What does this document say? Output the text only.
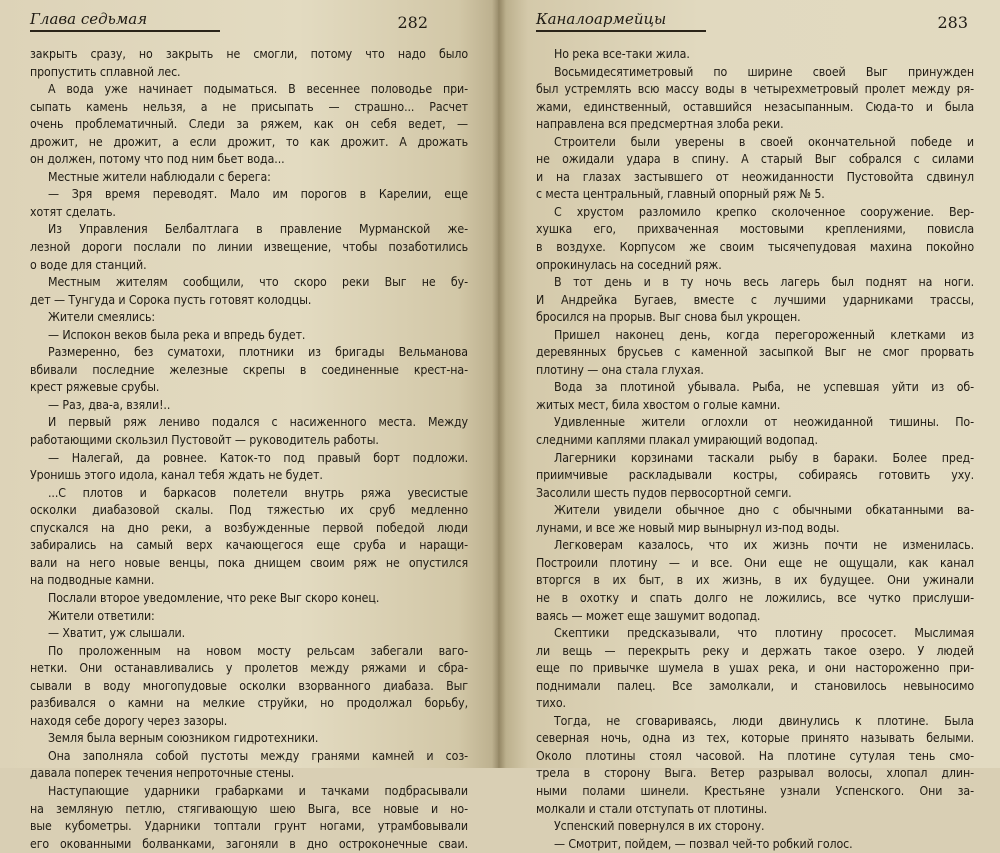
Глава седьмая	282
закрыть сразу, но закрыть не смогли, потому что надо было
пропустить сплавной лес.
А вода уже начинает подыматься. В весеннее половодье при-
сыпать камень нельзя, а не присыпать — страшно... Расчет
очень проблематичный. Следи за ряжем, как он себя ведет, —
дрожит, не дрожит, а если дрожит, то как дрожит. А дрожать
он должен, потому что под ним бьет вода...
Местные жители наблюдали с берега:
— Зря время переводят. Мало им порогов в Карелии, еще
хотят сделать.
Из Управления Белбалтлага в правление Мурманской же-
лезной дороги послали по линии извещение, чтобы позаботились
о воде для станций.
Местным жителям сообщили, что скоро реки Выг не бу-
дет — Тунгуда и Сорока пусть готовят колодцы.
Жители смеялись:
— Испокон веков была река и впредь будет.
Размеренно, без суматохи, плотники из бригады Вельманова
вбивали последние железные скрепы в соединенные крест-на-
крест ряжевые срубы.
— Раз, два-а, взяли!..
И первый ряж лениво подался с насиженного места. Между
работающими скользил Пустовойт — руководитель работы.
— Налегай, да ровнее. Каток-то под правый борт подложи.
Уронишь этого идола, канал тебя ждать не будет.
...С плотов и баркасов полетели внутрь ряжа увесистые
осколки диабазовой скалы. Под тяжестью их сруб медленно
спускался на дно реки, а возбужденные первой победой люди
забирались на самый верх качающегося еще сруба и наращи-
вали на него новые венцы, пока днищем своим ряж не опустился
на подводные камни.
Послали второе уведомление, что реке Выг скоро конец.
Жители ответили:
— Хватит, уж слышали.
По проложенным на новом мосту рельсам забегали ваго-
нетки. Они останавливались у пролетов между ряжами и сбра-
сывали в воду многопудовые осколки взорванного диабаза. Выг
разбивался о камни на мелкие струйки, но продолжал борьбу,
находя себе дорогу через зазоры.
Земля была верным союзником гидротехники.
Она заполняла собой пустоты между гранями камней и соз-
давала поперек течения непроточные стены.
Наступающие ударники грабарками и тачками подбрасывали
на земляную петлю, стягивающую шею Выга, все новые и но-
вые кубометры. Ударники топтали грунт ногами, утрамбовывали
его окованными болванками, загоняли в дно остроконечные сваи.
Каналоармейцы	283
Но река все-таки жила.
Восьмидесятиметровый по ширине своей Выг принужден
был устремлять всю массу воды в четырехметровый пролет между ря-
жами, единственный, оставшийся незасыпанным. Сюда-то и была
направлена вся предсмертная злоба реки.
Строители были уверены в своей окончательной победе и
не ожидали удара в спину. А старый Выг собрался с силами
и на глазах застывшего от неожиданности Пустовойта сдвинул
с места центральный, главный опорный ряж № 5.
С хрустом разломило крепко сколоченное сооружение. Вер-
хушка его, прихваченная мостовыми креплениями, повисла
в воздухе. Корпусом же своим тысячепудовая махина покойно
опрокинулась на соседний ряж.
В тот день и в ту ночь весь лагерь был поднят на ноги.
И Андрейка Бугаев, вместе с лучшими ударниками трассы,
бросился на прорыв. Выг снова был укрощен.
Пришел наконец день, когда перегороженный клетками из
деревянных брусьев с каменной засыпкой Выг не смог прорвать
плотину — она стала глухая.
Вода за плотиной убывала. Рыба, не успевшая уйти из об-
житых мест, била хвостом о голые камни.
Удивленные жители оглохли от неожиданной тишины. По-
следними каплями плакал умирающий водопад.
Лагерники корзинами таскали рыбу в бараки. Более пред-
приимчивые раскладывали костры, собираясь готовить уху.
Засолили шесть пудов первосортной семги.
Жители увидели обычное дно с обычными обкатанными ва-
лунами, и все же новый мир вынырнул из-под воды.
Легковерам казалось, что их жизнь почти не изменилась.
Построили плотину — и все. Они еще не ощущали, как канал
вторгся в их быт, в их жизнь, в их будущее. Они ужинали
не в охотку и спать долго не ложились, все чутко прислуши-
ваясь — может еще зашумит водопад.
Скептики предсказывали, что плотину прососет. Мыслимая
ли вещь — перекрыть реку и держать такое озеро. У людей
еще по привычке шумела в ушах река, и они настороженно при-
поднимали палец. Все замолкали, и становилось невыносимо
тихо.
Тогда, не сговариваясь, люди двинулись к плотине. Была
северная ночь, одна из тех, которые принято называть белыми.
Около плотины стоял часовой. На плотине сутулая тень смо-
трела в сторону Выга. Ветер разрывал волосы, хлопал длин-
ными полами шинели. Крестьяне узнали Успенского. Они за-
молкали и стали отступать от плотины.
Успенский повернулся в их сторону.
— Смотрит, пойдем, — позвал чей-то робкий голос.
